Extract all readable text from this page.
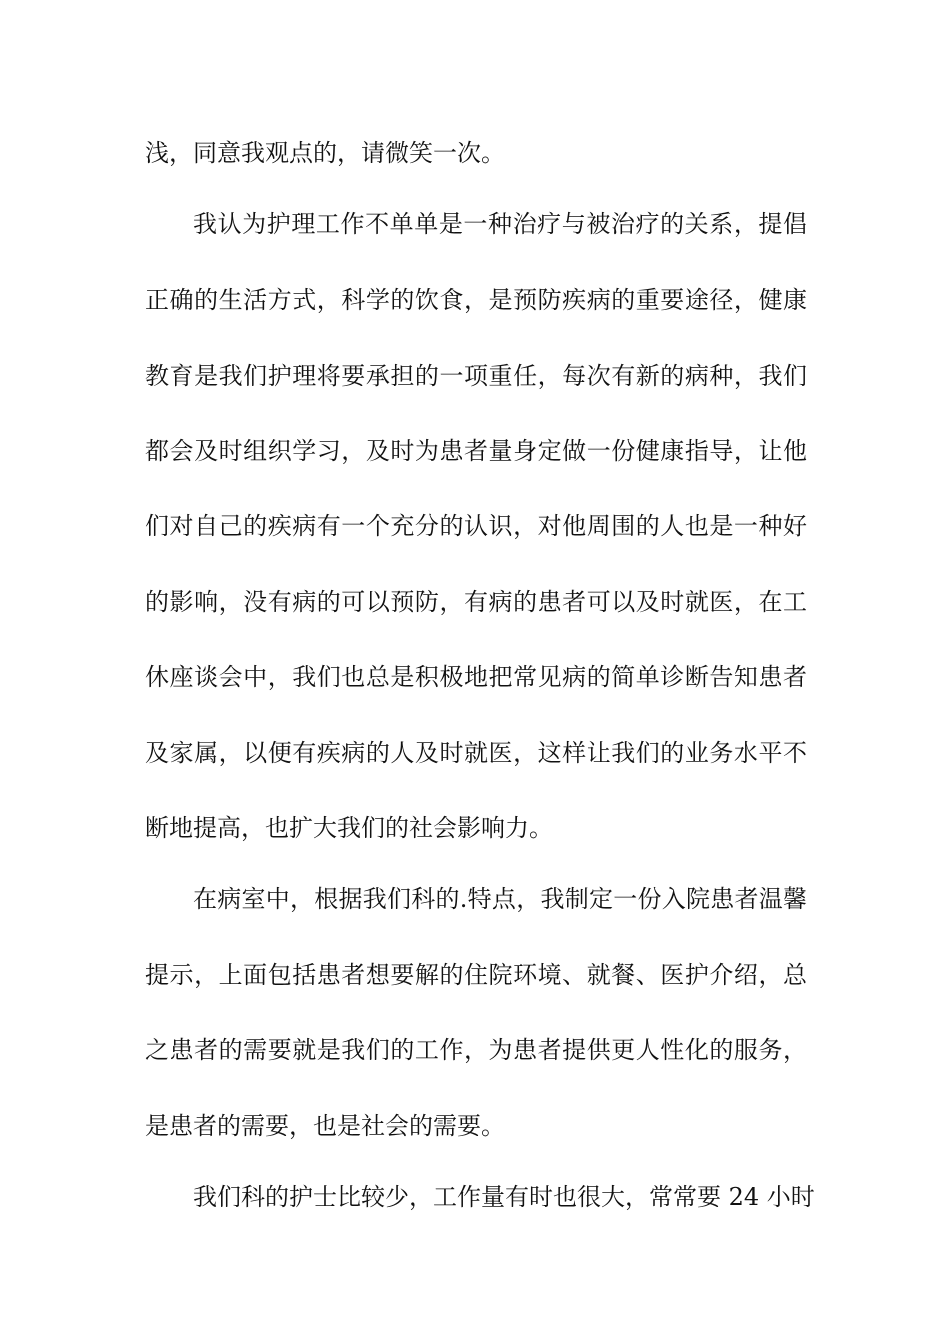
浅，同意我观点的，请微笑一次。
我认为护理工作不单单是一种治疗与被治疗的关系，提倡
正确的生活方式，科学的饮食，是预防疾病的重要途径，健康
教育是我们护理将要承担的一项重任，每次有新的病种，我们
都会及时组织学习，及时为患者量身定做一份健康指导，让他
们对自己的疾病有一个充分的认识，对他周围的人也是一种好
的影响，没有病的可以预防，有病的患者可以及时就医，在工
休座谈会中，我们也总是积极地把常见病的简单诊断告知患者
及家属，以便有疾病的人及时就医，这样让我们的业务水平不
断地提高，也扩大我们的社会影响力。
在病室中，根据我们科的.特点，我制定一份入院患者温馨
提示，上面包括患者想要解的住院环境、就餐、医护介绍，总
之患者的需要就是我们的工作，为患者提供更人性化的服务，
是患者的需要，也是社会的需要。
我们科的护士比较少，工作量有时也很大，常常要 24 小时
